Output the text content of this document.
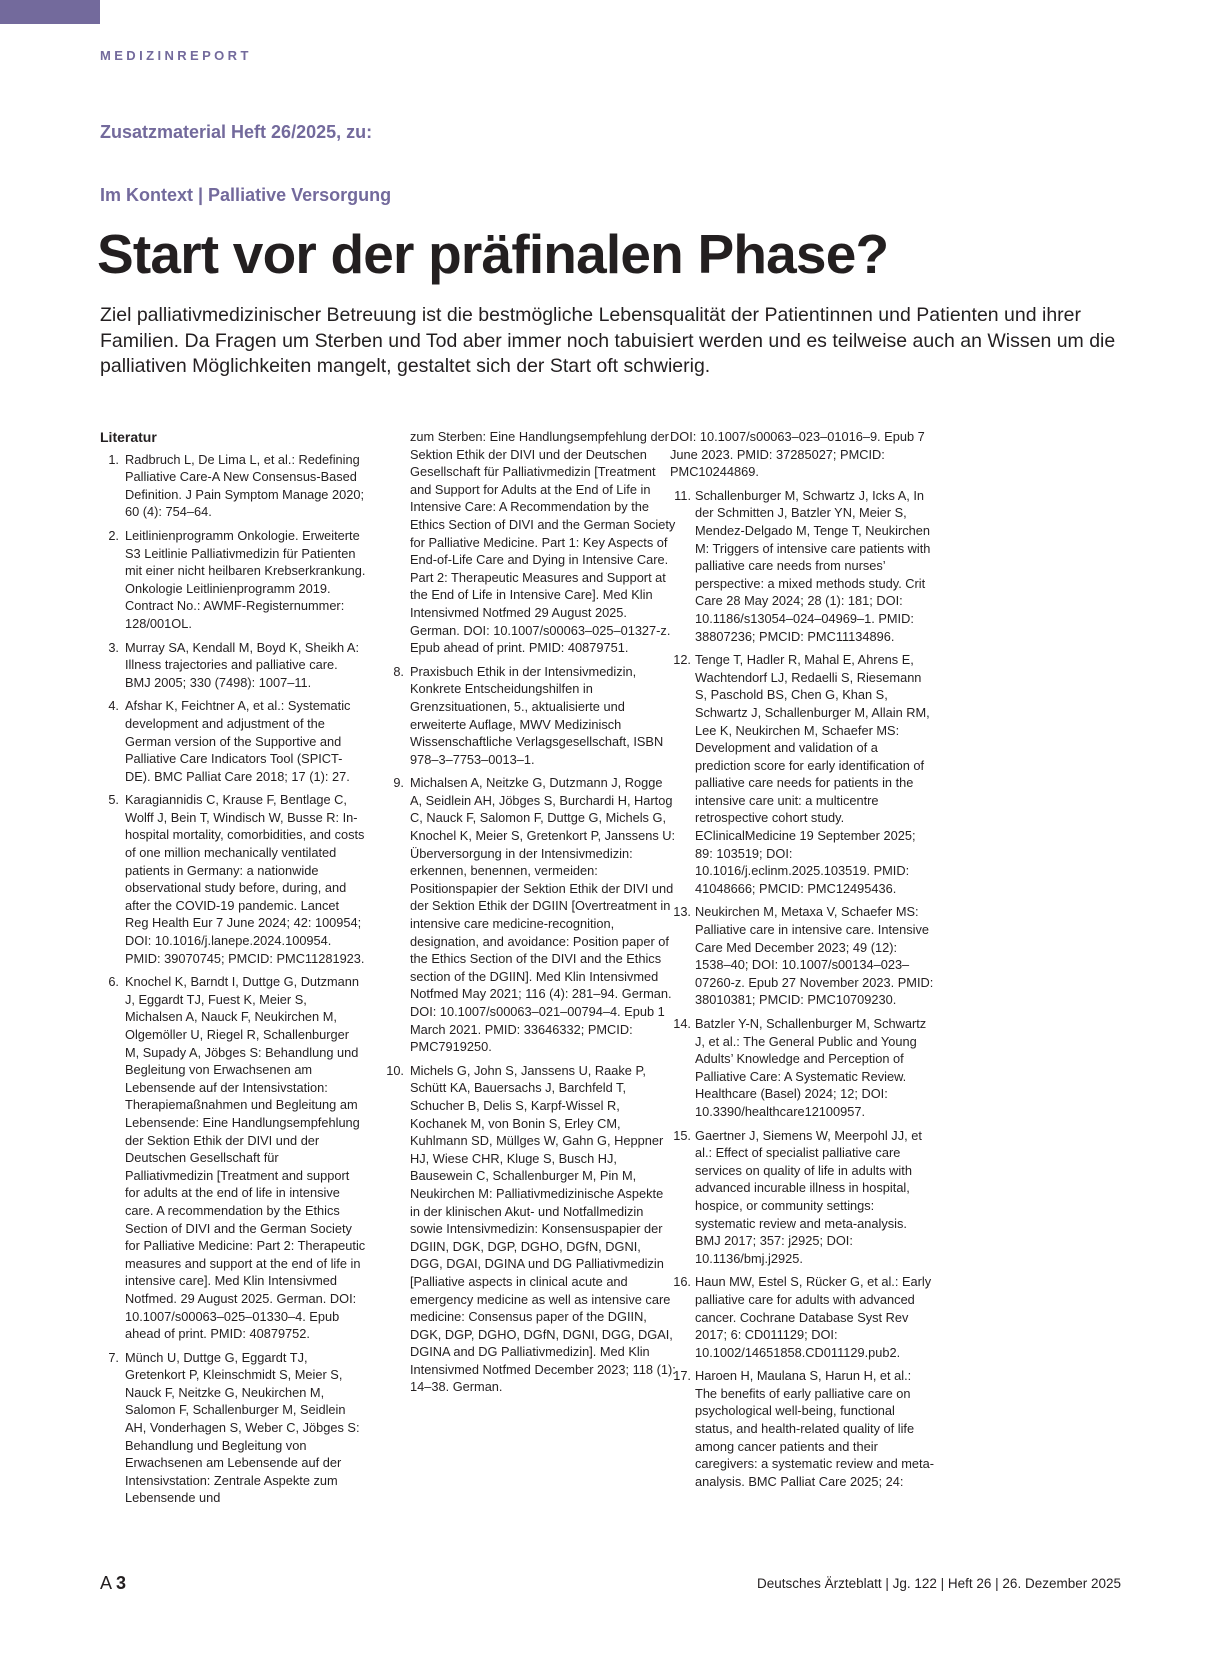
MEDIZINREPORT
Zusatzmaterial Heft 26/2025, zu:
Im Kontext | Palliative Versorgung
Start vor der präfinalen Phase?

Ziel palliativmedizinischer Betreuung ist die bestmögliche Lebensqualität der Patientinnen und Patienten und ihrer Familien. Da Fragen um Sterben und Tod aber immer noch tabuisiert werden und es teilweise auch an Wissen um die palliativen Möglichkeiten mangelt, gestaltet sich der Start oft schwierig.

Literatur
1. Radbruch L, De Lima L, et al.: Redefining Palliative Care-A New Consensus-Based Definition. J Pain Symptom Manage 2020; 60 (4): 754–64.
2. Leitlinienprogramm Onkologie. Erweiterte S3 Leitlinie Palliativmedizin für Patienten mit einer nicht heilbaren Krebserkrankung. Onkologie Leitlinienprogramm 2019. Contract No.: AWMF-Registernummer: 128/001OL.
3. Murray SA, Kendall M, Boyd K, Sheikh A: Illness trajectories and palliative care. BMJ 2005; 330 (7498): 1007–11.
4. Afshar K, Feichtner A, et al.: Systematic development and adjustment of the German version of the Supportive and Palliative Care Indicators Tool (SPICT-DE). BMC Palliat Care 2018; 17 (1): 27.
5. Karagiannidis C, Krause F, Bentlage C, Wolff J, Bein T, Windisch W, Busse R: In-hospital mortality, comorbidities, and costs of one million mechanically ventilated patients in Germany: a nationwide observational study before, during, and after the COVID-19 pandemic. Lancet Reg Health Eur 7 June 2024; 42: 100954; DOI: 10.1016/j.lanepe.2024.100954. PMID: 39070745; PMCID: PMC11281923.
6. Knochel K, Barndt I, Duttge G, Dutzmann J, Eggardt TJ, Fuest K, Meier S, Michalsen A, Nauck F, Neukirchen M, Olgemöller U, Riegel R, Schallenburger M, Supady A, Jöbges S: Behandlung und Begleitung von Erwachsenen am Lebensende auf der Intensivstation: Therapiemaßnahmen und Begleitung am Lebensende: Eine Handlungsempfehlung der Sektion Ethik der DIVI und der Deutschen Gesellschaft für Palliativmedizin [Treatment and support for adults at the end of life in intensive care. A recommendation by the Ethics Section of DIVI and the German Society for Palliative Medicine: Part 2: Therapeutic measures and support at the end of life in intensive care]. Med Klin Intensivmed Notfmed. 29 August 2025. German. DOI: 10.1007/s00063–025–01330–4. Epub ahead of print. PMID: 40879752.
7. Münch U, Duttge G, Eggardt TJ, Gretenkort P, Kleinschmidt S, Meier S, Nauck F, Neitzke G, Neukirchen M, Salomon F, Schallenburger M, Seidlein AH, Vonderhagen S, Weber C, Jöbges S: Behandlung und Begleitung von Erwachsenen am Lebensende auf der Intensivstation: Zentrale Aspekte zum Lebensende und
zum Sterben: Eine Handlungsempfehlung der Sektion Ethik der DIVI und der Deutschen Gesellschaft für Palliativmedizin [Treatment and Support for Adults at the End of Life in Intensive Care: A Recommendation by the Ethics Section of DIVI and the German Society for Palliative Medicine. Part 1: Key Aspects of End-of-Life Care and Dying in Intensive Care. Part 2: Therapeutic Measures and Support at the End of Life in Intensive Care]. Med Klin Intensivmed Notfmed 29 August 2025. German. DOI: 10.1007/s00063–025–01327-z. Epub ahead of print. PMID: 40879751.
8. Praxisbuch Ethik in der Intensivmedizin, Konkrete Entscheidungshilfen in Grenzsituationen, 5., aktualisierte und erweiterte Auflage, MWV Medizinisch Wissenschaftliche Verlagsgesellschaft, ISBN 978–3–7753–0013–1.
9. Michalsen A, Neitzke G, Dutzmann J, Rogge A, Seidlein AH, Jöbges S, Burchardi H, Hartog C, Nauck F, Salomon F, Duttge G, Michels G, Knochel K, Meier S, Gretenkort P, Janssens U: Überversorgung in der Intensivmedizin: erkennen, benennen, vermeiden: Positionspapier der Sektion Ethik der DIVI und der Sektion Ethik der DGIIN [Overtreatment in intensive care medicine-recognition, designation, and avoidance: Position paper of the Ethics Section of the DIVI and the Ethics section of the DGIIN]. Med Klin Intensivmed Notfmed May 2021; 116 (4): 281–94. German. DOI: 10.1007/s00063–021–00794–4. Epub 1 March 2021. PMID: 33646332; PMCID: PMC7919250.
10. Michels G, John S, Janssens U, Raake P, Schütt KA, Bauersachs J, Barchfeld T, Schucher B, Delis S, Karpf-Wissel R, Kochanek M, von Bonin S, Erley CM, Kuhlmann SD, Müllges W, Gahn G, Heppner HJ, Wiese CHR, Kluge S, Busch HJ, Bausewein C, Schallenburger M, Pin M, Neukirchen M: Palliativmedizinische Aspekte in der klinischen Akut- und Notfallmedizin sowie Intensivmedizin: Konsensuspapier der DGIIN, DGK, DGP, DGHO, DGfN, DGNI, DGG, DGAI, DGINA und DG Palliativmedizin [Palliative aspects in clinical acute and emergency medicine as well as intensive care medicine: Consensus paper of the DGIIN, DGK, DGP, DGHO, DGfN, DGNI, DGG, DGAI, DGINA and DG Palliativmedizin]. Med Klin Intensivmed Notfmed December 2023; 118 (1): 14–38. German.
DOI: 10.1007/s00063–023–01016–9. Epub 7 June 2023. PMID: 37285027; PMCID: PMC10244869.
11. Schallenburger M, Schwartz J, Icks A, In der Schmitten J, Batzler YN, Meier S, Mendez-Delgado M, Tenge T, Neukirchen M: Triggers of intensive care patients with palliative care needs from nurses’ perspective: a mixed methods study. Crit Care 28 May 2024; 28 (1): 181; DOI: 10.1186/s13054–024–04969–1. PMID: 38807236; PMCID: PMC11134896.
12. Tenge T, Hadler R, Mahal E, Ahrens E, Wachtendorf LJ, Redaelli S, Riesemann S, Paschold BS, Chen G, Khan S, Schwartz J, Schallenburger M, Allain RM, Lee K, Neukirchen M, Schaefer MS: Development and validation of a prediction score for early identification of palliative care needs for patients in the intensive care unit: a multicentre retrospective cohort study. EClinicalMedicine 19 September 2025; 89: 103519; DOI: 10.1016/j.eclinm.2025.103519. PMID: 41048666; PMCID: PMC12495436.
13. Neukirchen M, Metaxa V, Schaefer MS: Palliative care in intensive care. Intensive Care Med December 2023; 49 (12): 1538–40; DOI: 10.1007/s00134–023–07260-z. Epub 27 November 2023. PMID: 38010381; PMCID: PMC10709230.
14. Batzler Y-N, Schallenburger M, Schwartz J, et al.: The General Public and Young Adults’ Knowledge and Perception of Palliative Care: A Systematic Review. Healthcare (Basel) 2024; 12; DOI: 10.3390/healthcare12100957.
15. Gaertner J, Siemens W, Meerpohl JJ, et al.: Effect of specialist palliative care services on quality of life in adults with advanced incurable illness in hospital, hospice, or community settings: systematic review and meta-analysis. BMJ 2017; 357: j2925; DOI: 10.1136/bmj.j2925.
16. Haun MW, Estel S, Rücker G, et al.: Early palliative care for adults with advanced cancer. Cochrane Database Syst Rev 2017; 6: CD011129; DOI: 10.1002/14651858.CD011129.pub2.
17. Haroen H, Maulana S, Harun H, et al.: The benefits of early palliative care on psychological well-being, functional status, and health-related quality of life among cancer patients and their caregivers: a systematic review and meta-analysis. BMC Palliat Care 2025; 24:
A 3	Deutsches Ärzteblatt | Jg. 122 | Heft 26 | 26. Dezember 2025
